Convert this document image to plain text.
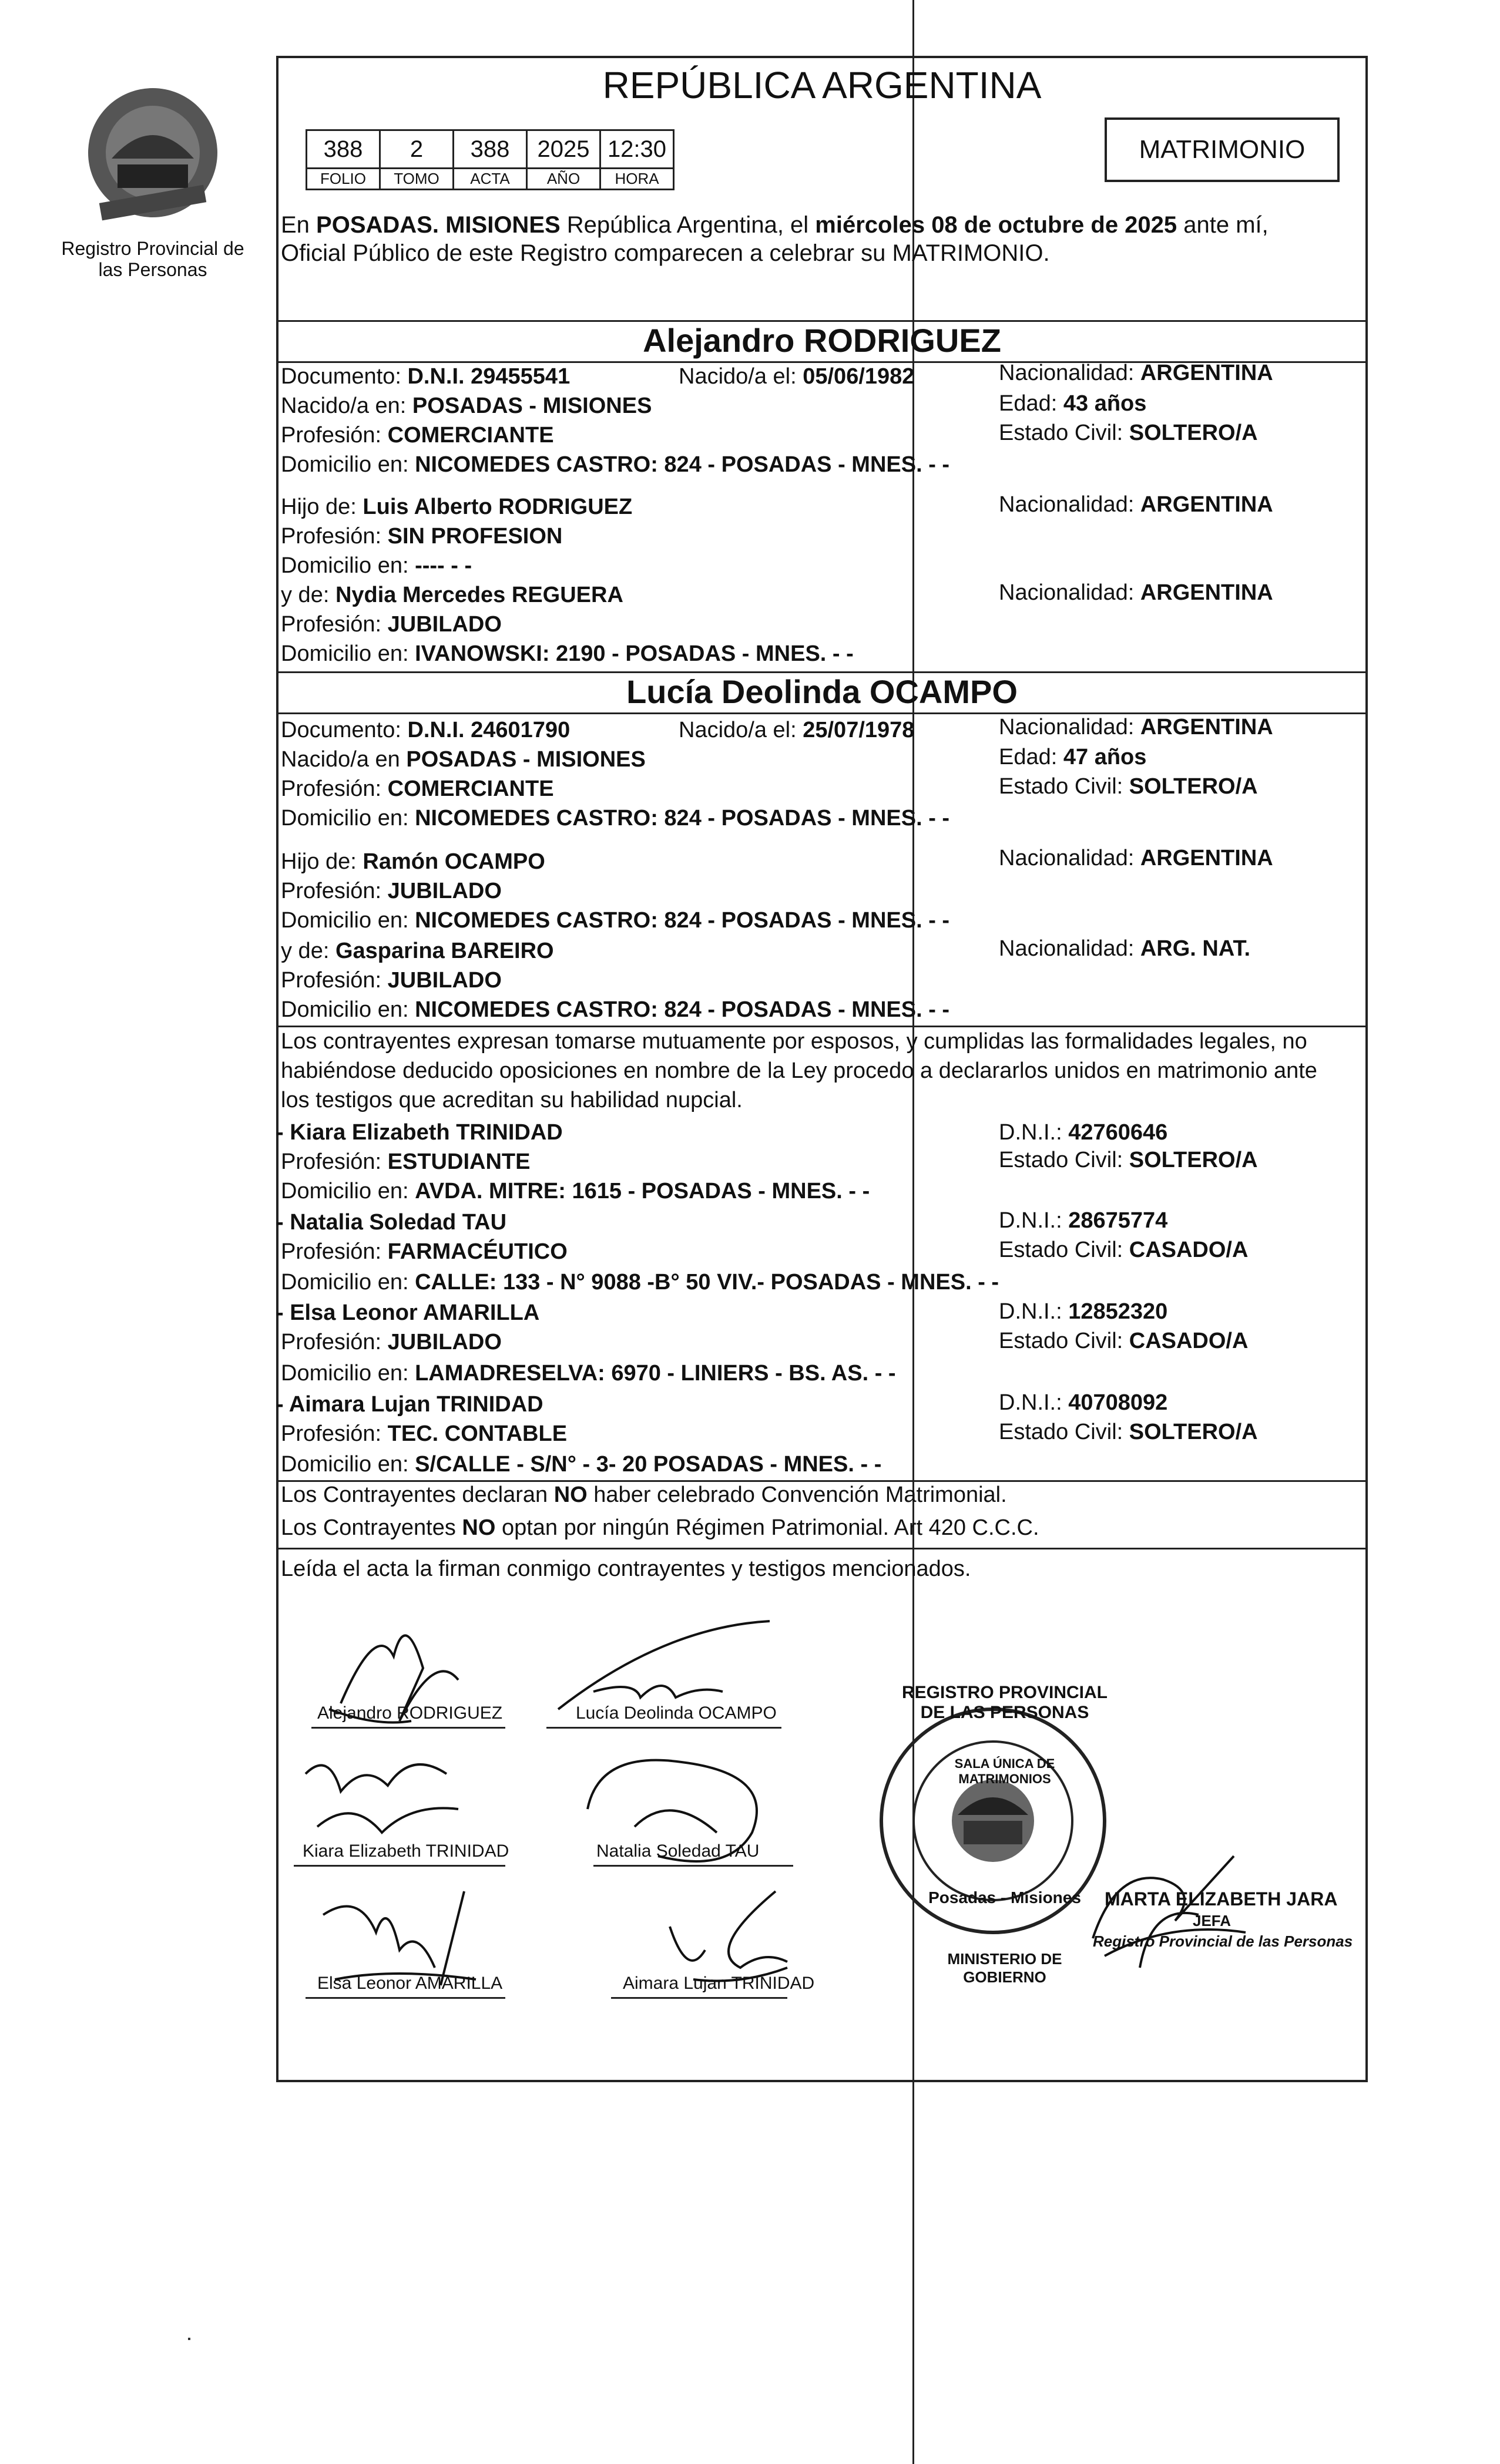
Registro Provincial de las Personas
REPÚBLICA ARGENTINA
388	2	388	2025	12:30
FOLIO	TOMO	ACTA	AÑO	HORA
MATRIMONIO
En POSADAS. MISIONES República Argentina, el miércoles 08 de octubre de 2025 ante mí,
Oficial Público de este Registro comparecen a celebrar su MATRIMONIO.
Alejandro RODRIGUEZ
Documento: D.N.I. 29455541	Nacido/a el: 05/06/1982	Nacionalidad: ARGENTINA
Nacido/a en: POSADAS - MISIONES	Edad: 43 años
Profesión: COMERCIANTE	Estado Civil: SOLTERO/A
Domicilio en: NICOMEDES CASTRO: 824 - POSADAS - MNES. - -
Hijo de: Luis Alberto RODRIGUEZ	Nacionalidad: ARGENTINA
Profesión: SIN PROFESION
Domicilio en: ---- - -
y de: Nydia Mercedes REGUERA	Nacionalidad: ARGENTINA
Profesión: JUBILADO
Domicilio en: IVANOWSKI: 2190 - POSADAS - MNES. - -
Lucía Deolinda OCAMPO
Documento: D.N.I. 24601790	Nacido/a el: 25/07/1978	Nacionalidad: ARGENTINA
Nacido/a en POSADAS - MISIONES	Edad: 47 años
Profesión: COMERCIANTE	Estado Civil: SOLTERO/A
Domicilio en: NICOMEDES CASTRO: 824 - POSADAS - MNES. - -
Hijo de: Ramón OCAMPO	Nacionalidad: ARGENTINA
Profesión: JUBILADO
Domicilio en: NICOMEDES CASTRO: 824 - POSADAS - MNES. - -
y de: Gasparina BAREIRO	Nacionalidad: ARG. NAT.
Profesión: JUBILADO
Domicilio en: NICOMEDES CASTRO: 824 - POSADAS - MNES. - -
Los contrayentes expresan tomarse mutuamente por esposos, y cumplidas las formalidades legales, no
habiéndose deducido oposiciones en nombre de la Ley procedo a declararlos unidos en matrimonio ante
los testigos que acreditan su habilidad nupcial.
- Kiara Elizabeth TRINIDAD	D.N.I.: 42760646
Profesión: ESTUDIANTE	Estado Civil: SOLTERO/A
Domicilio en: AVDA. MITRE: 1615 - POSADAS - MNES. - -
- Natalia Soledad TAU	D.N.I.: 28675774
Profesión: FARMACÉUTICO	Estado Civil: CASADO/A
Domicilio en: CALLE: 133 - N° 9088 -B° 50 VIV.- POSADAS - MNES. - -
- Elsa Leonor AMARILLA	D.N.I.: 12852320
Profesión: JUBILADO	Estado Civil: CASADO/A
Domicilio en: LAMADRESELVA: 6970 - LINIERS - BS. AS. - -
- Aimara Lujan TRINIDAD	D.N.I.: 40708092
Profesión: TEC. CONTABLE	Estado Civil: SOLTERO/A
Domicilio en: S/CALLE - S/N° - 3- 20 POSADAS - MNES. - -
Los Contrayentes declaran NO haber celebrado Convención Matrimonial.
Los Contrayentes NO optan por ningún Régimen Patrimonial. Art 420 C.C.C.
Leída el acta la firman conmigo contrayentes y testigos mencionados.
Alejandro RODRIGUEZ	Lucía Deolinda OCAMPO
Kiara Elizabeth TRINIDAD	Natalia Soledad TAU
Elsa Leonor AMARILLA	Aimara Lujan TRINIDAD
REGISTRO PROVINCIAL DE LAS PERSONAS
SALA ÚNICA DE MATRIMONIOS
Posadas - Misiones
MINISTERIO DE GOBIERNO
MARTA ELIZABETH JARA
JEFA
Registro Provincial de las Personas
